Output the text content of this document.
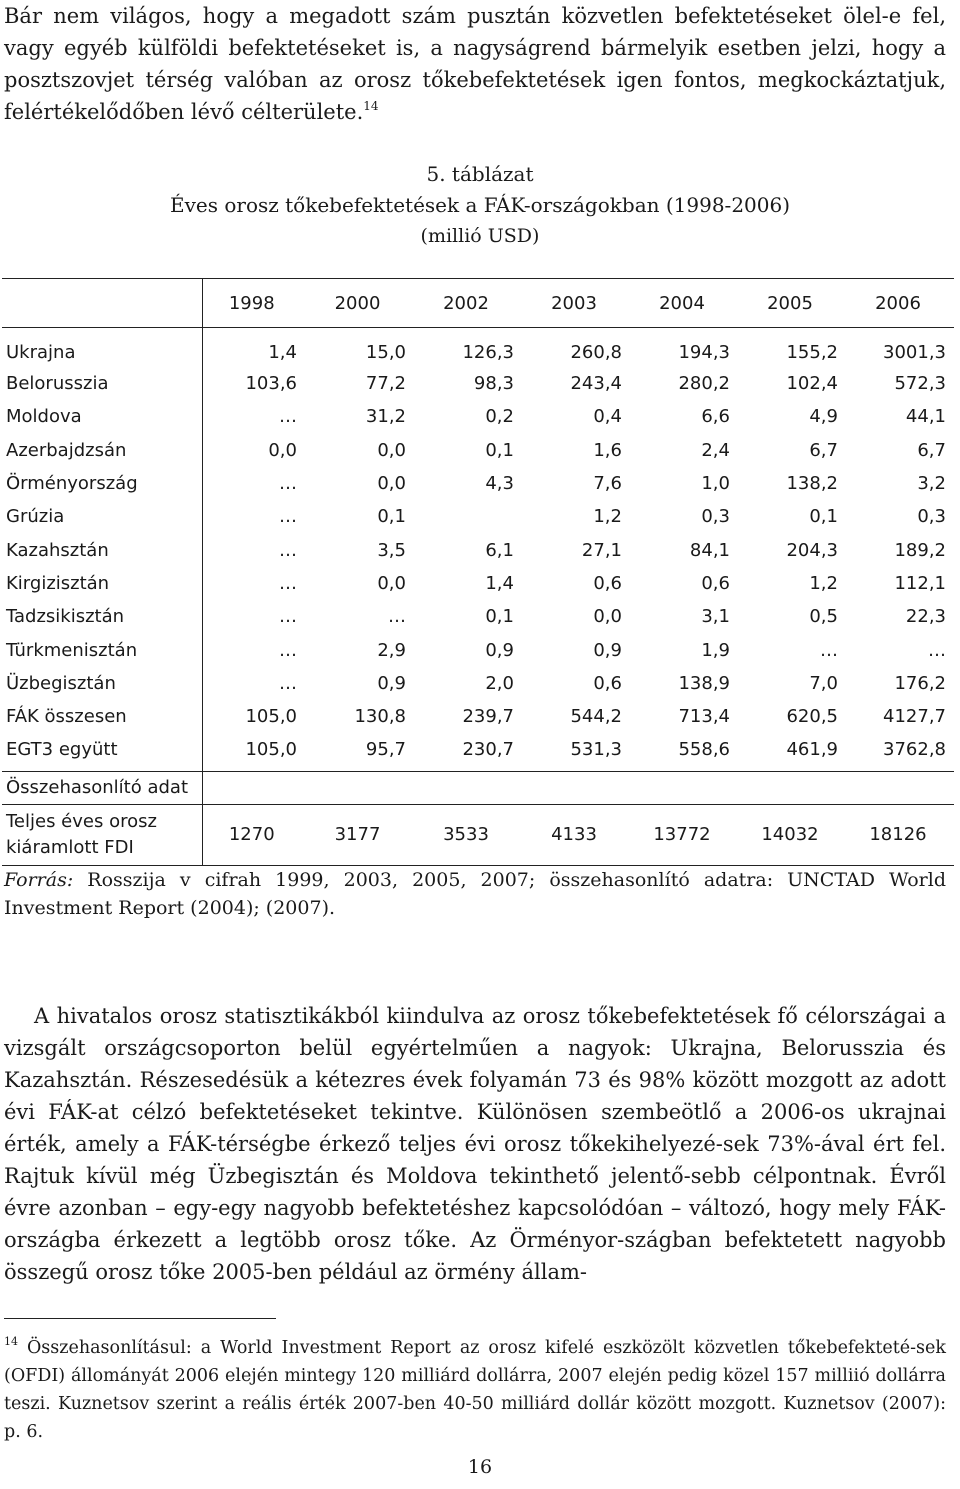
Bár nem világos, hogy a megadott szám pusztán közvetlen befektetéseket ölel-e fel, vagy egyéb külföldi befektetéseket is, a nagyságrend bármelyik esetben jelzi, hogy a posztszovjet térség valóban az orosz tőkebefektetések igen fontos, megkockáztatjuk, felértékelődőben lévő célterülete.$^{14}$

5. táblázat

Éves orosz tőkebefektetések a FÁK-országokban (1998-2006)

(millió USD)

	1998	2000	2002	2003	2004	2005	2006
Ukrajna	1,4	15,0	126,3	260,8	194,3	155,2	3001,3
Belorusszia	103,6	77,2	98,3	243,4	280,2	102,4	572,3
Moldova	…	31,2	0,2	0,4	6,6	4,9	44,1
Azerbajdzsán	0,0	0,0	0,1	1,6	2,4	6,7	6,7
Örményország	…	0,0	4,3	7,6	1,0	138,2	3,2
Grúzia	…	0,1		1,2	0,3	0,1	0,3
Kazahsztán	…	3,5	6,1	27,1	84,1	204,3	189,2
Kirgizisztán	…	0,0	1,4	0,6	0,6	1,2	112,1
Tadzsikisztán	…	…	0,1	0,0	3,1	0,5	22,3
Türkmenisztán	…	2,9	0,9	0,9	1,9	…	…
Üzbegisztán	…	0,9	2,0	0,6	138,9	7,0	176,2
FÁK összesen	105,0	130,8	239,7	544,2	713,4	620,5	4127,7
EGT3 együtt	105,0	95,7	230,7	531,3	558,6	461,9	3762,8
Összehasonlító adat							
Teljes éves orosz kiáramlott FDI	1270	3177	3533	4133	13772	14032	18126

Forrás: Rosszija v cifrah 1999, 2003, 2005, 2007; összehasonlító adatra: UNCTAD World Investment Report (2004); (2007).

A hivatalos orosz statisztikákból kiindulva az orosz tőkebefektetések fő célországai a vizsgált országcsoporton belül egyértelműen a nagyok: Ukrajna, Belorusszia és Kazahsztán. Részesedésük a kétezres évek folyamán 73 és 98% között mozgott az adott évi FÁK-at célzó befektetéseket tekintve. Különösen szembeötlő a 2006-os ukrajnai érték, amely a FÁK-térségbe érkező teljes évi orosz tőkekihelyezé-sek 73%-ával ért fel. Rajtuk kívül még Üzbegisztán és Moldova tekinthető jelentő-sebb célpontnak. Évről évre azonban – egy-egy nagyobb befektetéshez kapcsolódóan – változó, hogy mely FÁK-országba érkezett a legtöbb orosz tőke. Az Örményor-szágban befektetett nagyobb összegű orosz tőke 2005-ben például az örmény állam-

$^{14}$ Összehasonlításul: a World Investment Report az orosz kifelé eszközölt közvetlen tőkebefekteté-sek (OFDI) állományát 2006 elején mintegy 120 milliárd dollárra, 2007 elején pedig közel 157 milliió dollárra teszi. Kuznetsov szerint a reális érték 2007-ben 40-50 milliárd dollár között mozgott. Kuznetsov (2007): p. 6.

16
